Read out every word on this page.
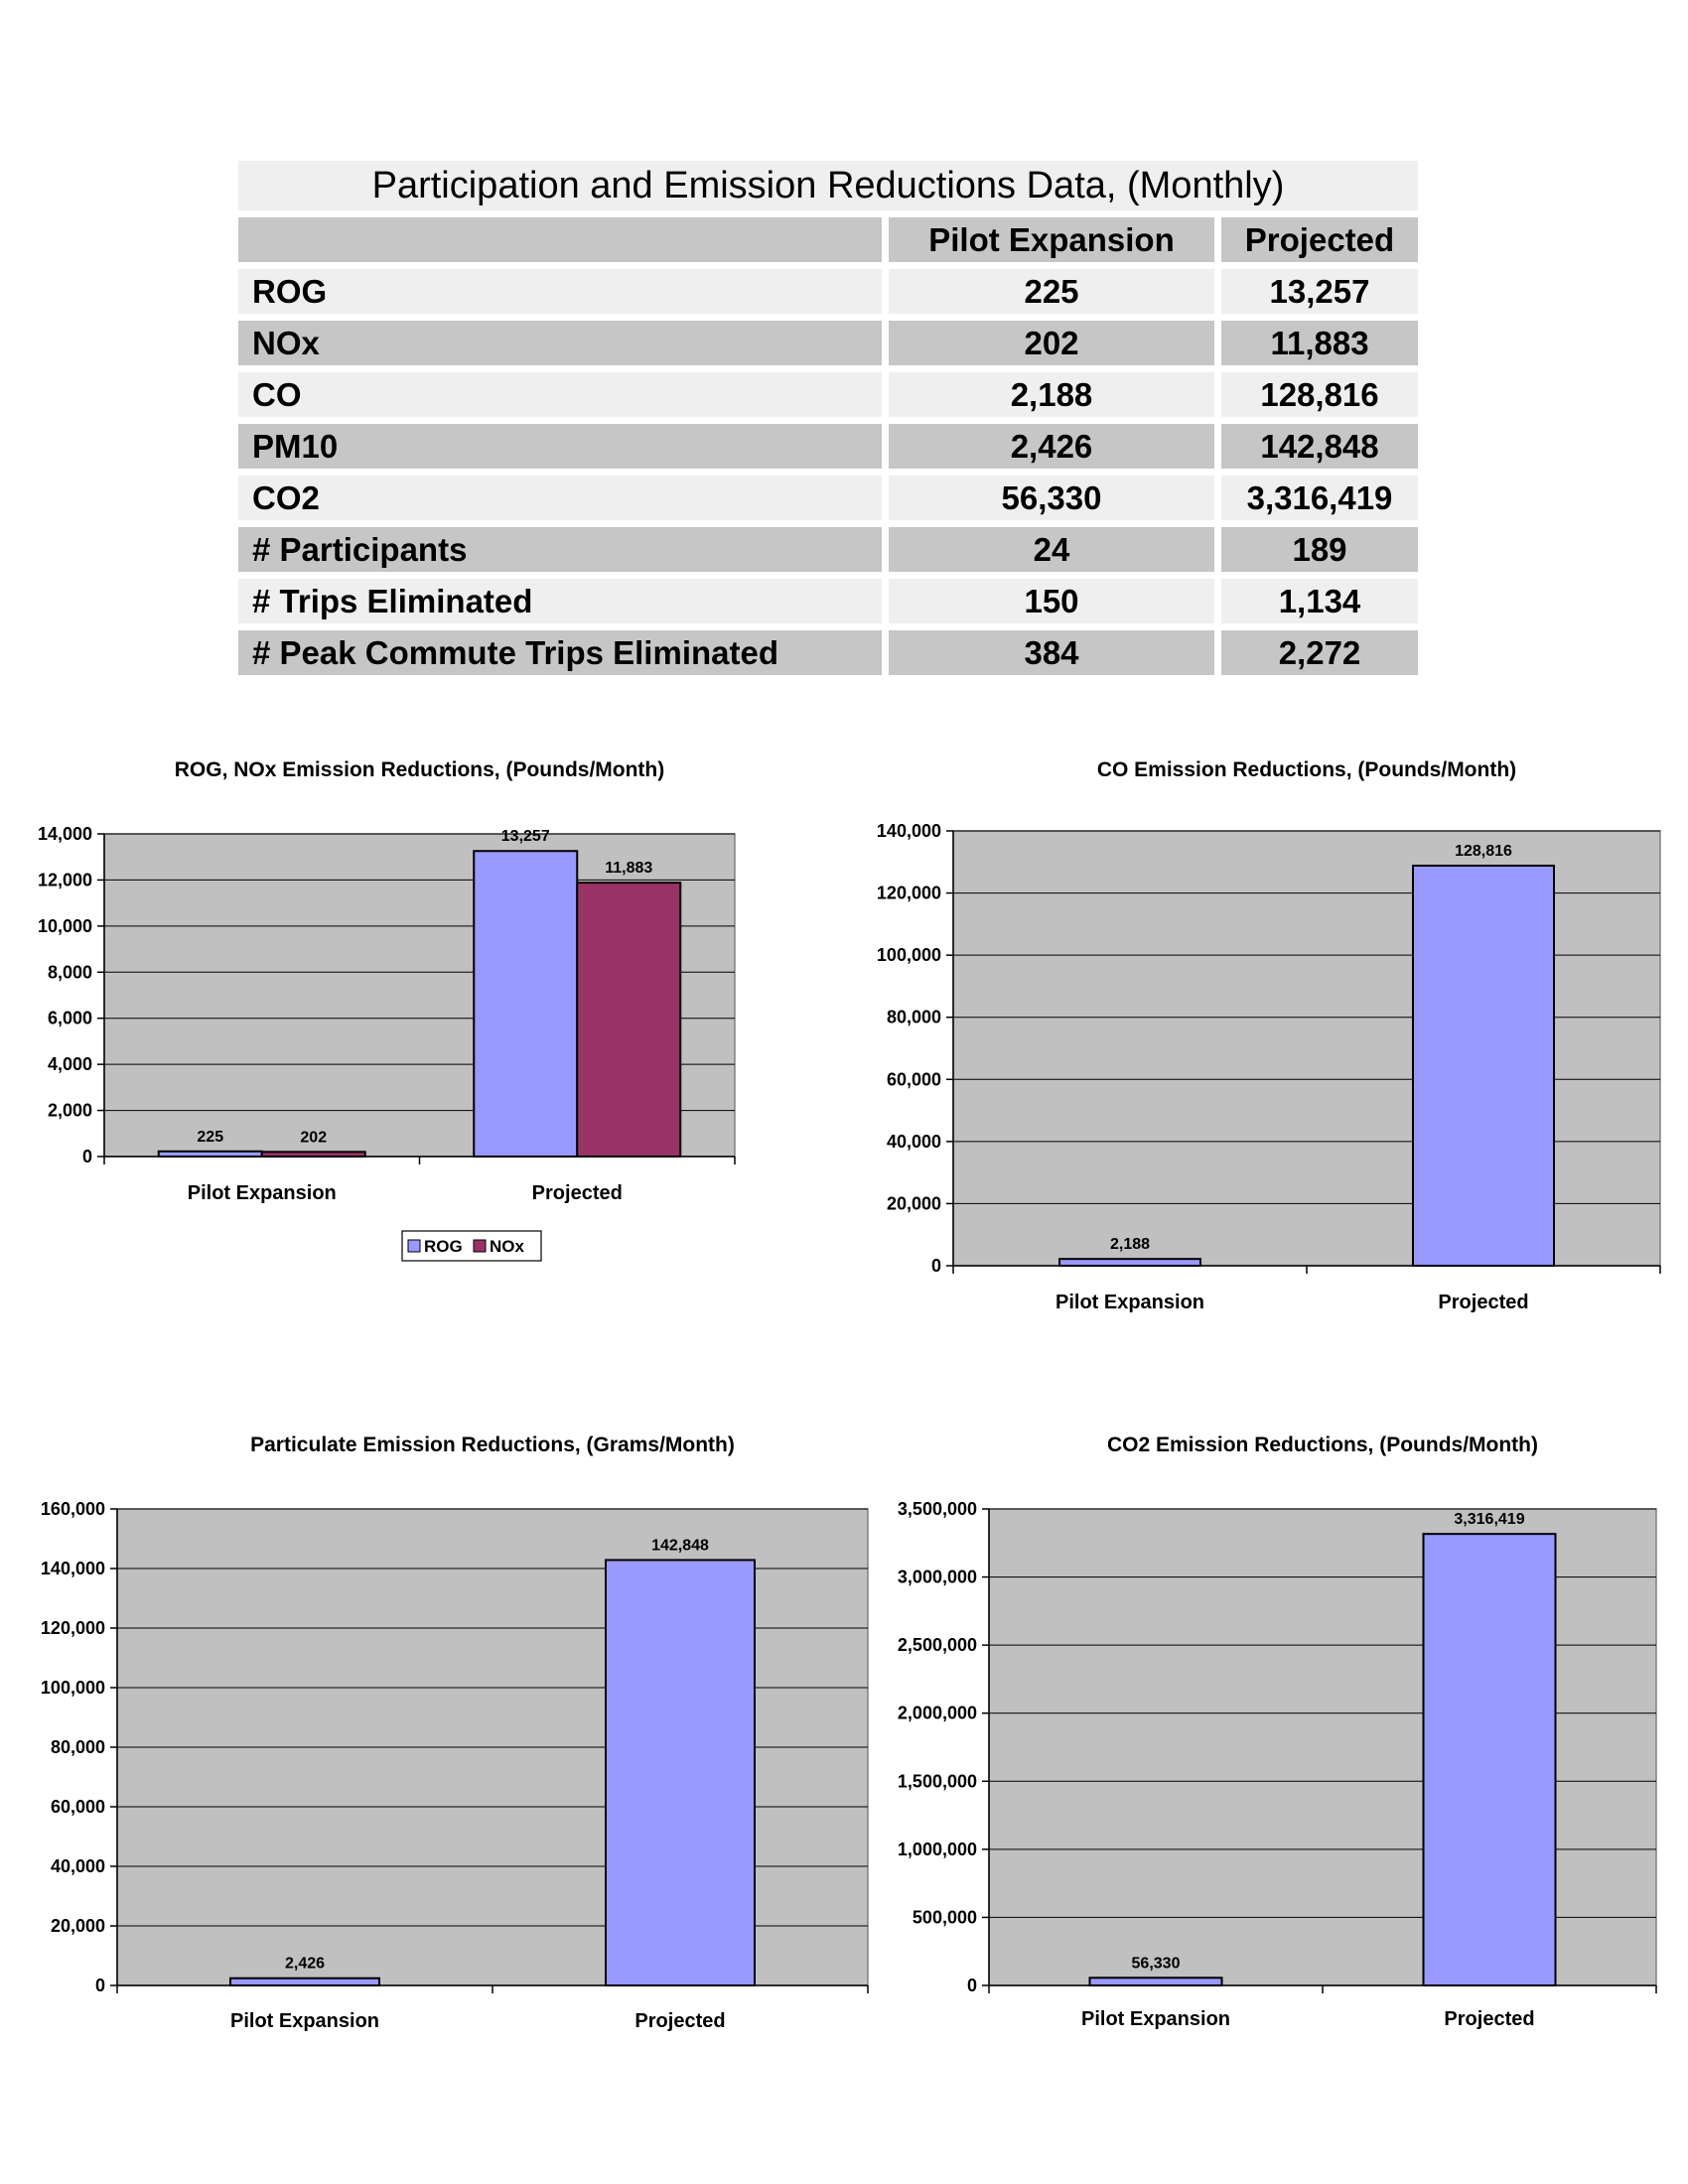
Participation and Emission Reductions Data, (Monthly)		
	Pilot Expansion	Projected
ROG	225	13,257
NOx	202	11,883
CO	2,188	128,816
PM10	2,426	142,848
CO2	56,330	3,316,419
# Participants	24	189
# Trips Eliminated	150	1,134
# Peak Commute Trips Eliminated	384	2,272
ROG, NOx Emission Reductions, (Pounds/Month)
0
2,000
4,000
6,000
8,000
10,000
12,000
14,000
Pilot Expansion
225	202
Projected
13,257
11,883
ROG NOx
CO Emission Reductions, (Pounds/Month)
0
20,000
40,000
60,000
80,000
100,000
120,000
140,000
Pilot Expansion
2,188
Projected
128,816
Particulate Emission Reductions, (Grams/Month)
0
20,000
40,000
60,000
80,000
100,000
120,000
140,000
160,000
Pilot Expansion
2,426
Projected
142,848
CO2 Emission Reductions, (Pounds/Month)
0
500,000
1,000,000
1,500,000
2,000,000
2,500,000
3,000,000
3,500,000
Pilot Expansion
56,330
Projected
3,316,419
